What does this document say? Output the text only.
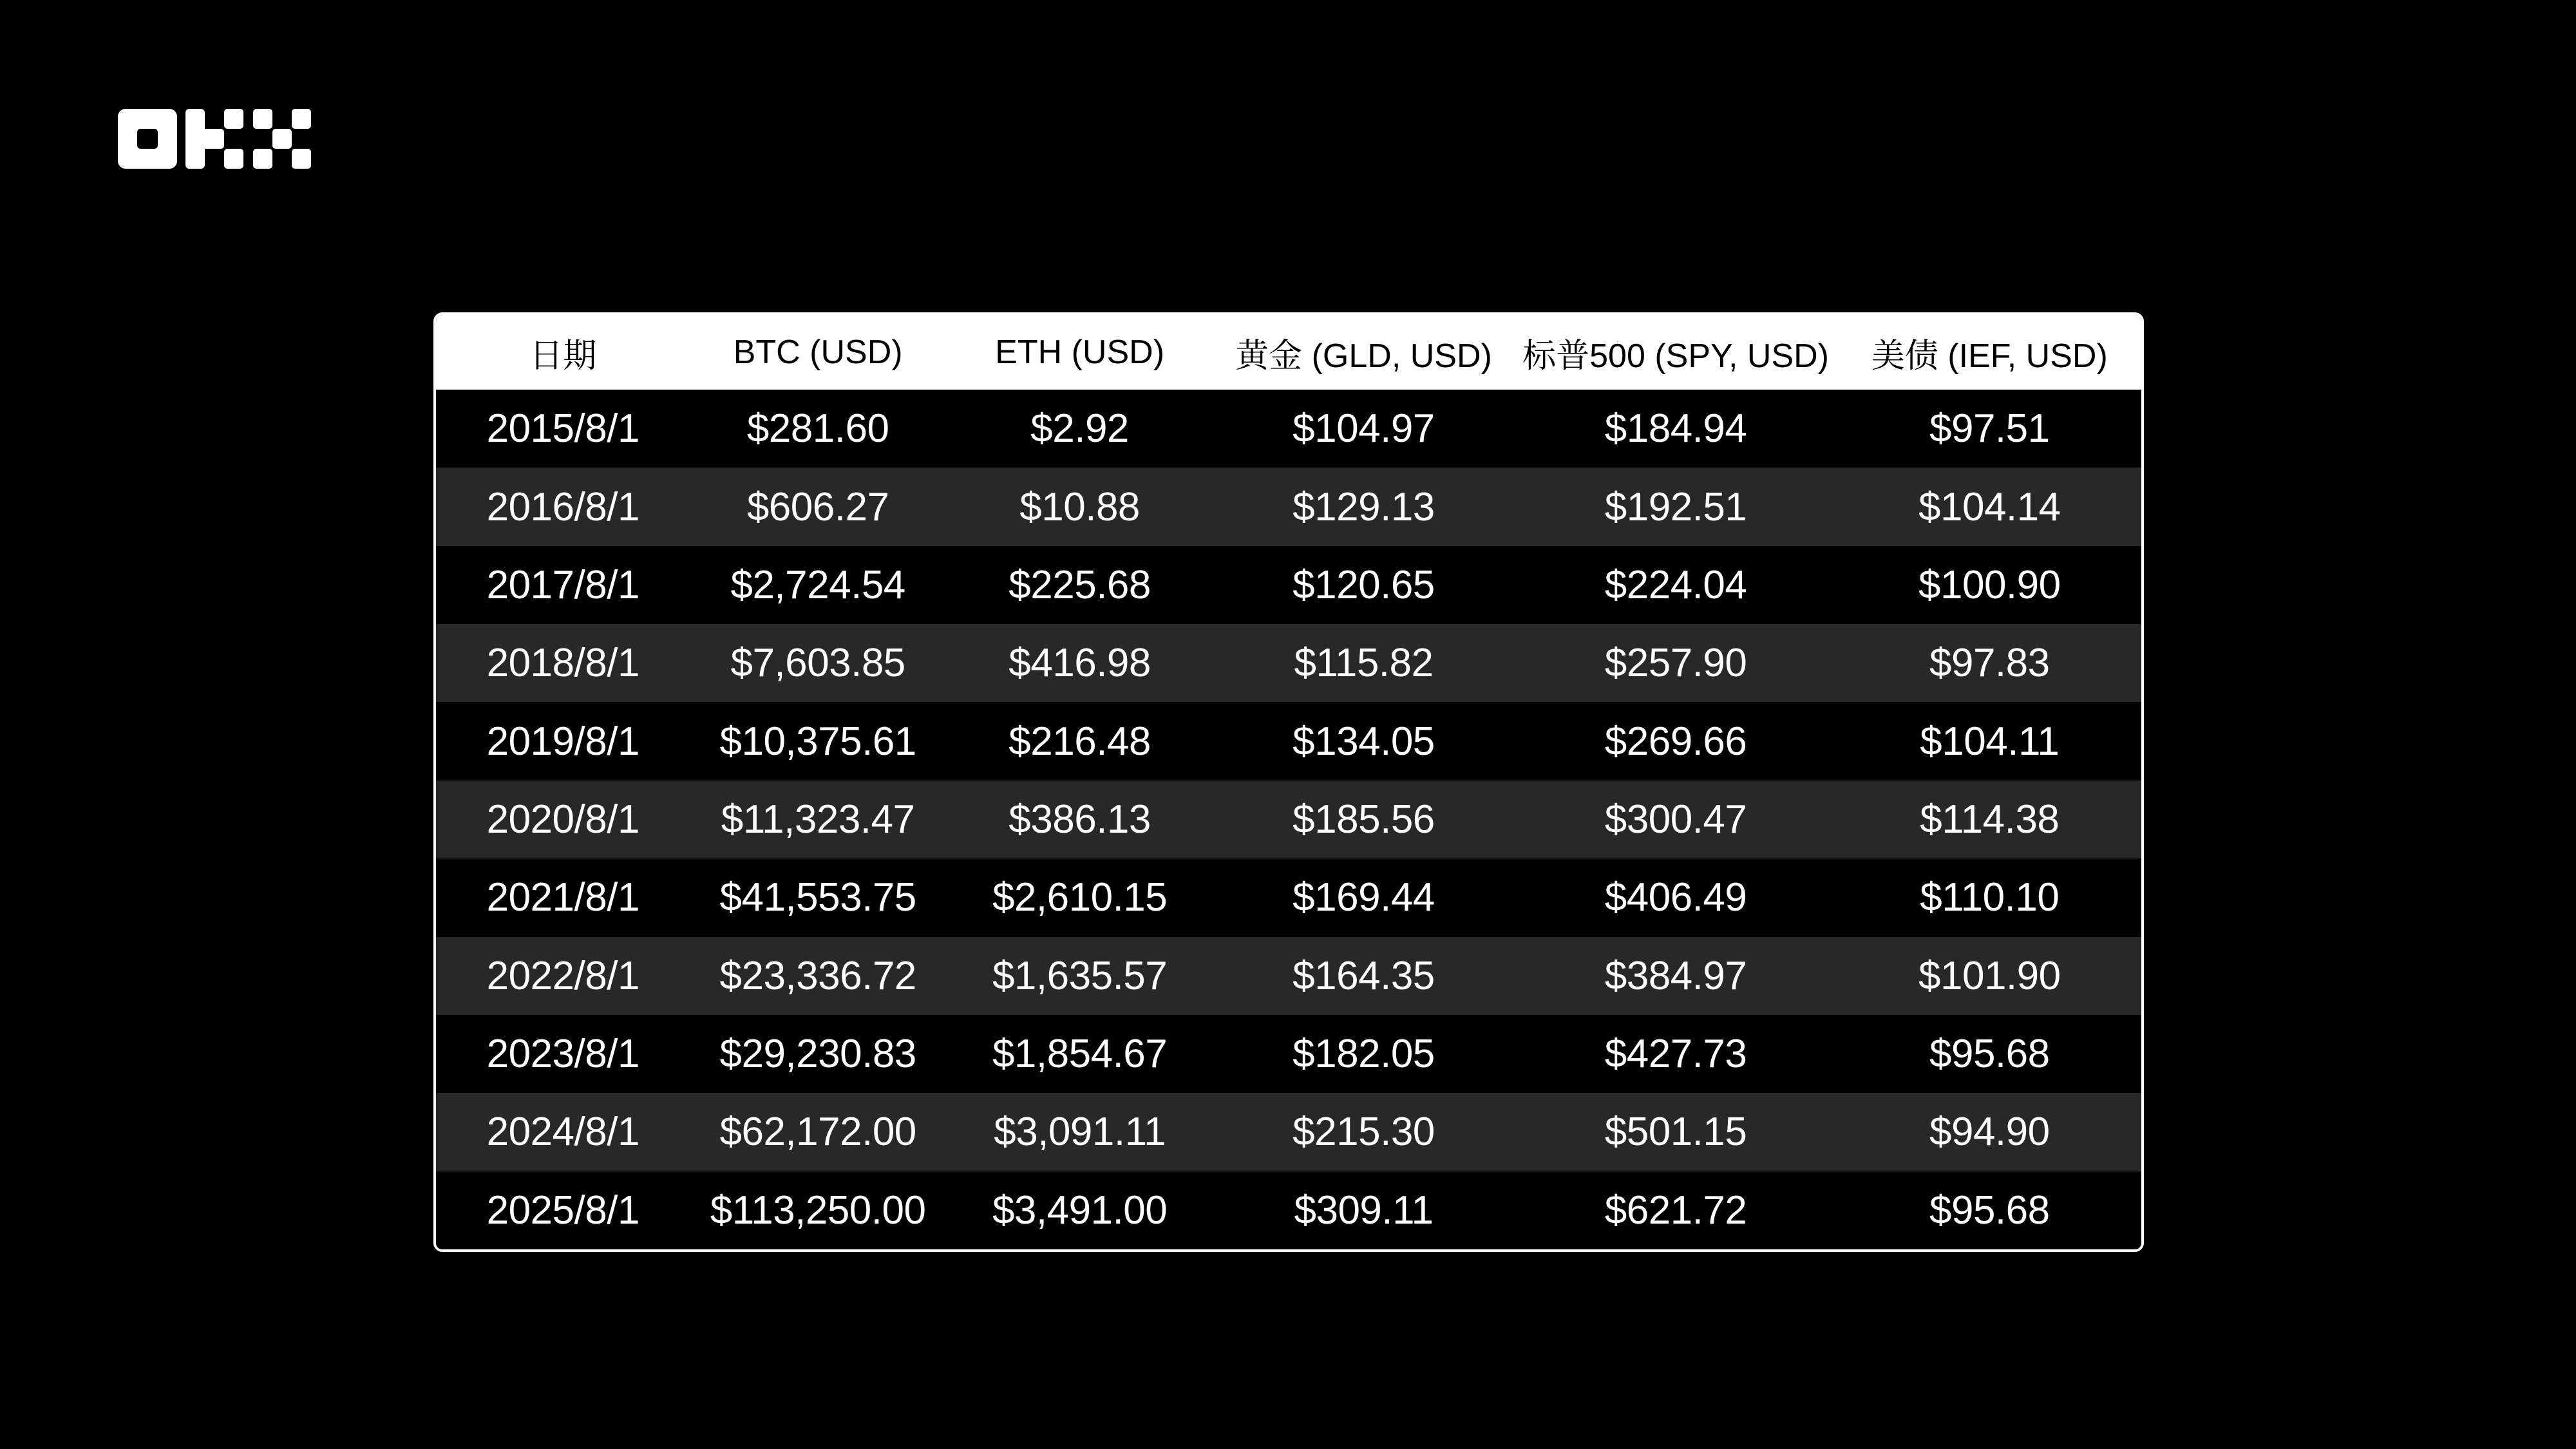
日期	BTC (USD)	ETH (USD)	黄金 (GLD, USD)	标普500 (SPY, USD)	美债 (IEF, USD)
2015/8/1	$281.60	$2.92	$104.97	$184.94	$97.51
2016/8/1	$606.27	$10.88	$129.13	$192.51	$104.14
2017/8/1	$2,724.54	$225.68	$120.65	$224.04	$100.90
2018/8/1	$7,603.85	$416.98	$115.82	$257.90	$97.83
2019/8/1	$10,375.61	$216.48	$134.05	$269.66	$104.11
2020/8/1	$11,323.47	$386.13	$185.56	$300.47	$114.38
2021/8/1	$41,553.75	$2,610.15	$169.44	$406.49	$110.10
2022/8/1	$23,336.72	$1,635.57	$164.35	$384.97	$101.90
2023/8/1	$29,230.83	$1,854.67	$182.05	$427.73	$95.68
2024/8/1	$62,172.00	$3,091.11	$215.30	$501.15	$94.90
2025/8/1	$113,250.00	$3,491.00	$309.11	$621.72	$95.68
